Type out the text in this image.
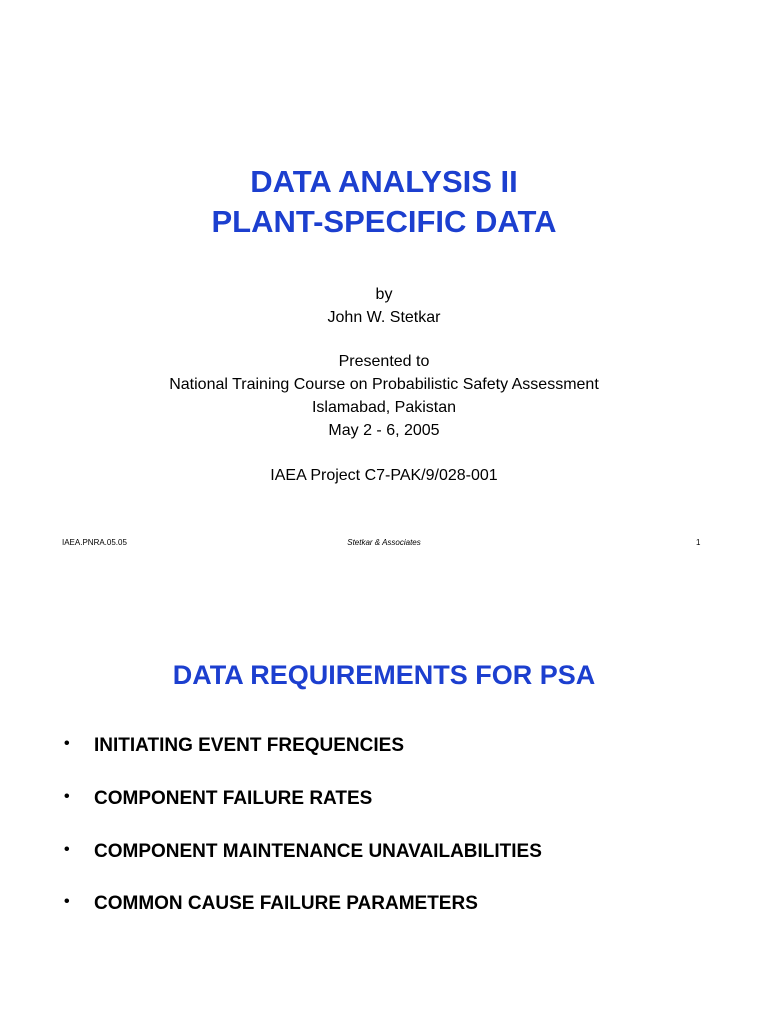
DATA ANALYSIS II
PLANT-SPECIFIC DATA
by
John W. Stetkar
Presented to
National Training Course on Probabilistic Safety Assessment
Islamabad, Pakistan
May 2 - 6, 2005
IAEA Project C7-PAK/9/028-001
IAEA.PNRA.05.05	Stetkar & Associates	1
DATA REQUIREMENTS FOR PSA
•	INITIATING EVENT FREQUENCIES
•	COMPONENT FAILURE RATES
•	COMPONENT MAINTENANCE UNAVAILABILITIES
•	COMMON CAUSE FAILURE PARAMETERS
